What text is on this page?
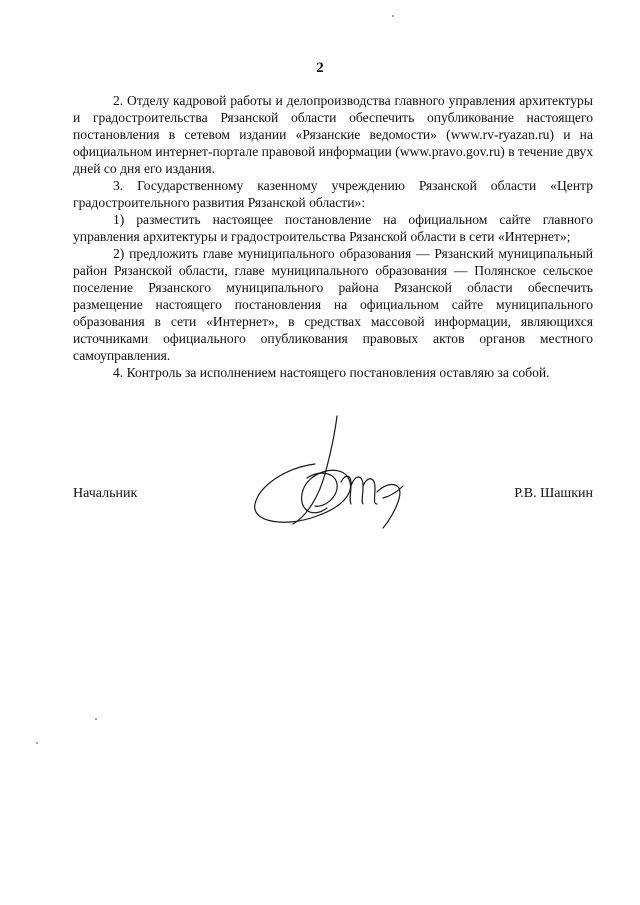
2

2. Отделу кадровой работы и делопроизводства главного управления архитектуры и градостроительства Рязанской области обеспечить опубликование настоящего постановления в сетевом издании «Рязанские ведомости» (www.rv-ryazan.ru) и на официальном интернет-портале правовой информации (www.pravo.gov.ru) в течение двух дней со дня его издания.

3. Государственному казенному учреждению Рязанской области «Центр градостроительного развития Рязанской области»:

1) разместить настоящее постановление на официальном сайте главного управления архитектуры и градостроительства Рязанской области в сети «Интернет»;

2) предложить главе муниципального образования — Рязанский муниципальный район Рязанской области, главе муниципального образования — Полянское сельское поселение Рязанского муниципального района Рязанской области обеспечить размещение настоящего постановления на официальном сайте муниципального образования в сети «Интернет», в средствах массовой информации, являющихся источниками официального опубликования правовых актов органов местного самоуправления.

4. Контроль за исполнением настоящего постановления оставляю за собой.

Начальник	Р.В. Шашкин
